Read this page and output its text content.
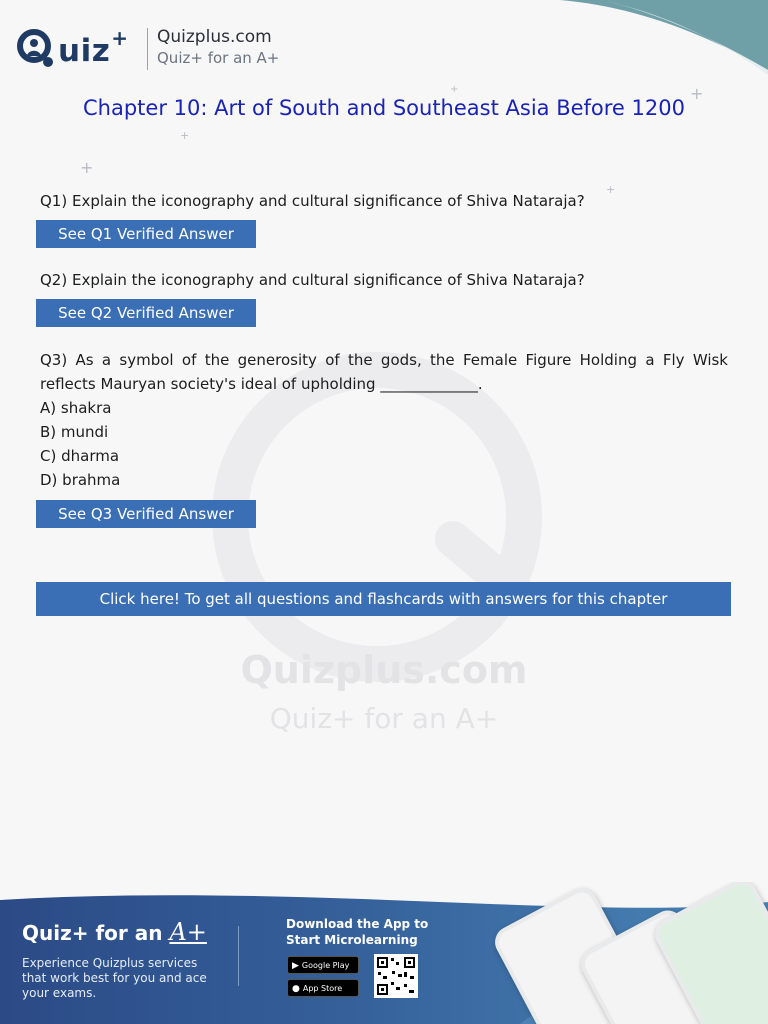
uiz + Quizplus.com
Quiz+ for an A+
+
+
+
+
+
Quizplus.com
Quiz+ for an A+
Chapter 10: Art of South and Southeast Asia Before 1200

Q1) Explain the iconography and cultural significance of Shiva Nataraja?

See Q1 Verified Answer

Q2) Explain the iconography and cultural significance of Shiva Nataraja?

See Q2 Verified Answer

Q3) As a symbol of the generosity of the gods, the Female Figure Holding a Fly Wisk reflects Mauryan society's ideal of upholding _____________.

A) shakra

B) mundi

C) dharma

D) brahma

See Q3 Verified Answer
Click here! To get all questions and flashcards with answers for this chapter
Quiz+ for an A+
Experience Quizplus services that work best for you and ace your exams.
Download the App to
Start Microlearning
▶ Google Play
● App Store
